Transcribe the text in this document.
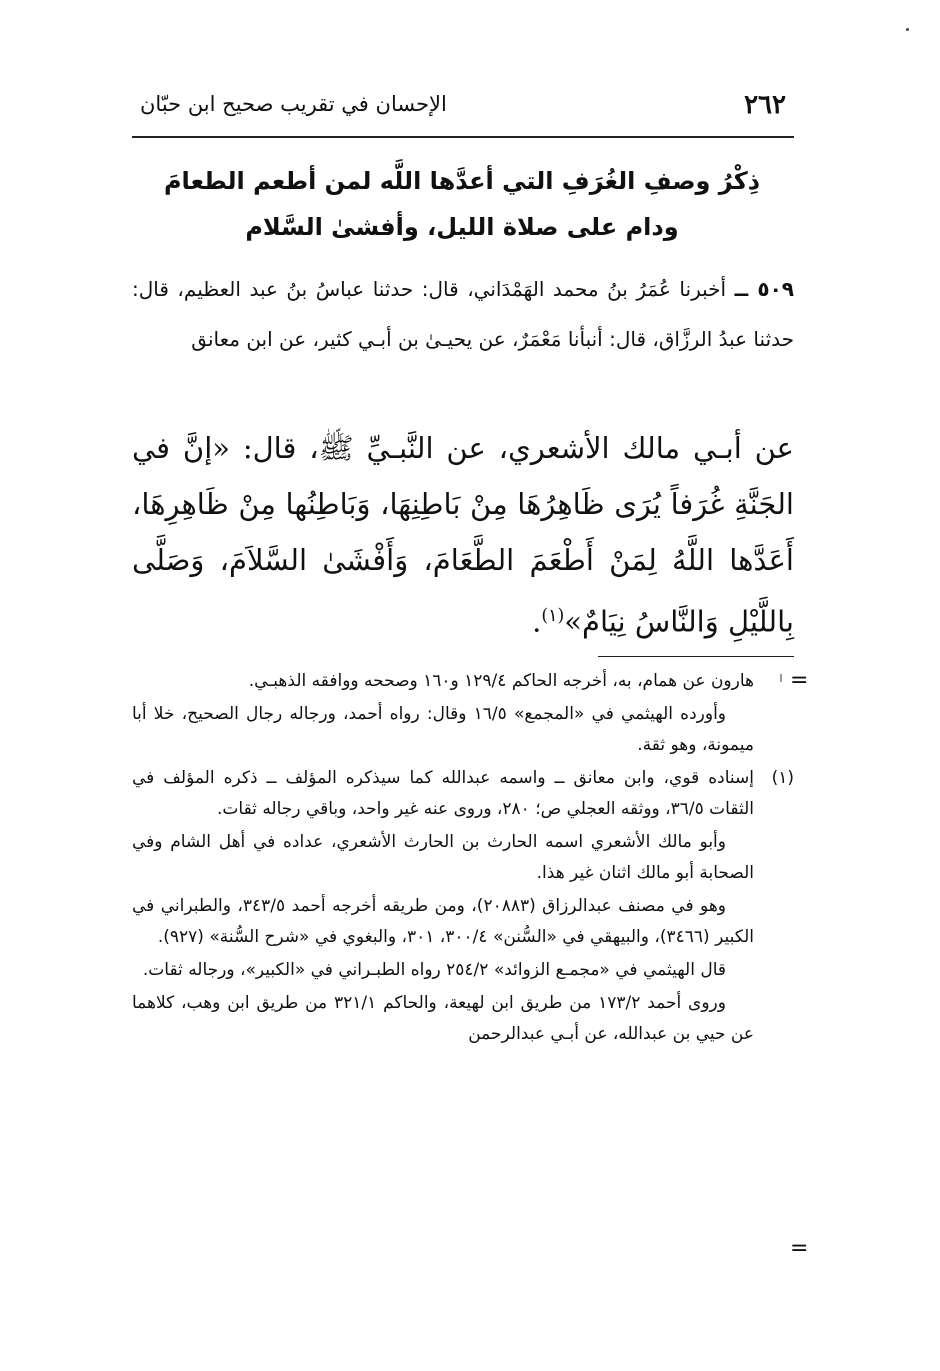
٢٦٢
الإحسان في تقريب صحيح ابن حبّان
ذِكْرُ وصفِ الغُرَفِ التي أعدَّها اللَّه لمن أطعم الطعامَ
ودام على صلاة الليل، وأفشىٰ السَّلام
٥٠٩ ــ أخبرنا عُمَرُ بنُ محمد الهَمْدَاني، قال: حدثنا عباسُ بنُ عبد العظيم، قال: حدثنا عبدُ الرزَّاق، قال: أنبأنا مَعْمَرٌ، عن يحيـىٰ بن أبـي كثير، عن ابن معانق
عن أبـي مالك الأشعري، عن النَّبـيِّ ﷺ، قال: «إنَّ في الجَنَّةِ غُرَفاً يُرَى ظَاهِرُهَا مِنْ بَاطِنِهَا، وَبَاطِنُها مِنْ ظَاهِرِهَا، أَعَدَّها اللَّهُ لِمَنْ أَطْعَمَ الطَّعَامَ، وَأَفْشَىٰ السَّلاَمَ، وَصَلَّى بِاللَّيْلِ وَالنَّاسُ نِيَامٌ»$^{(١)}$.
=
هارون عن همام، به، أخرجه الحاكم ١٢٩/٤ و١٦٠ وصححه ووافقه الذهبـي.
وأورده الهيثمي في «المجمع» ١٦/٥ وقال: رواه أحمد، ورجاله رجال الصحيح، خلا أبا ميمونة، وهو ثقة.
(١)إسناده قوي، وابن معانق ــ واسمه عبدالله كما سيذكره المؤلف ــ ذكره المؤلف في الثقات ٣٦/٥، ووثقه العجلي ص؛ ٢٨٠، وروى عنه غير واحد، وباقي رجاله ثقات.
وأبو مالك الأشعري اسمه الحارث بن الحارث الأشعري، عداده في أهل الشام وفي الصحابة أبو مالك اثنان غير هذا.
وهو في مصنف عبدالرزاق (٢٠٨٨٣)، ومن طريقه أخرجه أحمد ٣٤٣/٥، والطبراني في الكبير (٣٤٦٦)، والبيهقي في «السُّنن» ٣٠٠/٤، ٣٠١، والبغوي في «شرح السُّنة» (٩٢٧).
قال الهيثمي في «مجمـع الزوائد» ٢٥٤/٢ رواه الطبـراني في «الكبير»، ورجاله ثقات.
وروى أحمد ١٧٣/٢ من طريق ابن لهيعة، والحاكم ٣٢١/١ من طريق ابن وهب، كلاهما عن حيي بن عبدالله، عن أبـي عبدالرحمن
=
